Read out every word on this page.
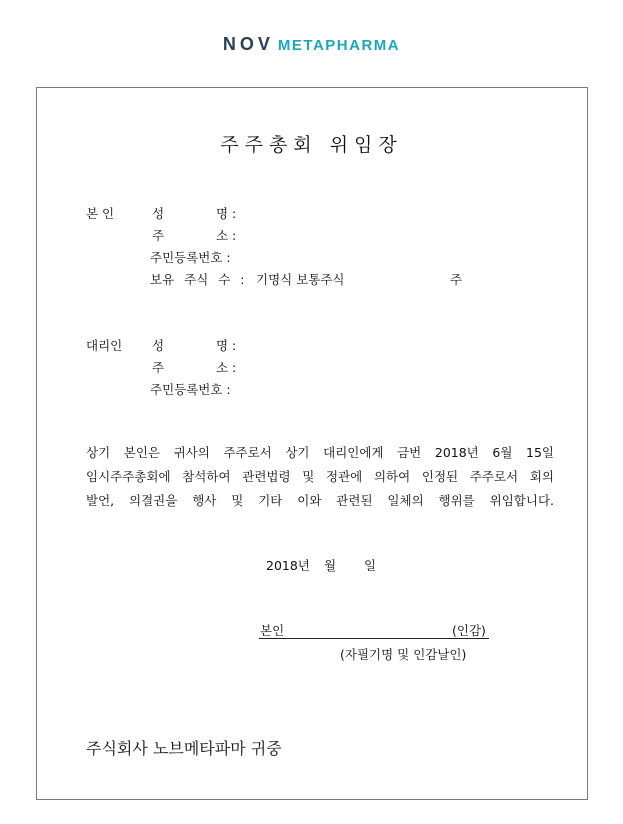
NOV METAPHARMA
주주총회 위임장
본 인	성	명 :
주	소 :
주민등록번호 :
보유 주식 수 : 기명식 보통주식	주
대리인 성	명 :
주	소 :
주민등록번호 :
상기 본인은 귀사의 주주로서 상기 대리인에게 금번 2018년 6월 15일
임시주주총회에 참석하여 관련법령 및 정관에 의하여 인정된 주주로서 회의
발언, 의결권을 행사 및 기타 이와 관련된 일체의 행위를 위임합니다.
2018년 월 일
본인	(인감)
(자필기명 및 인감날인)
주식회사 노브메타파마 귀중
